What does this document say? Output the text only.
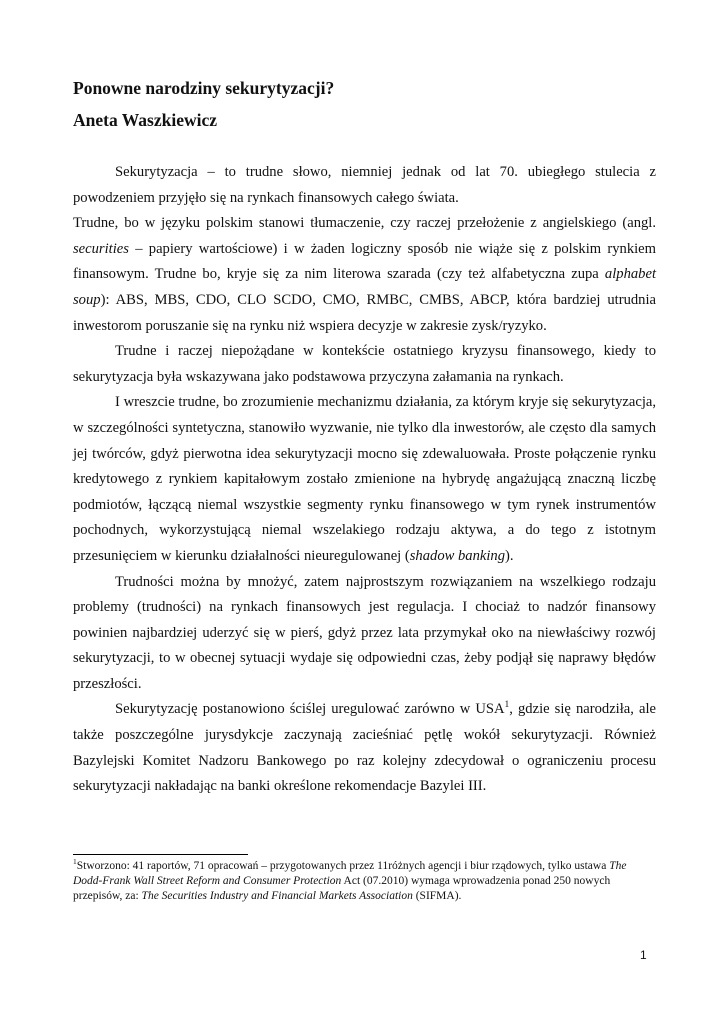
Ponowne narodziny sekurytyzacji?
Aneta Waszkiewicz

Sekurytyzacja – to trudne słowo, niemniej jednak od lat 70. ubiegłego stulecia z powodzeniem przyjęło się na rynkach finansowych całego świata.

Trudne, bo w języku polskim stanowi tłumaczenie, czy raczej przełożenie z angielskiego (angl. securities – papiery wartościowe) i w żaden logiczny sposób nie wiąże się z polskim rynkiem finansowym. Trudne bo, kryje się za nim literowa szarada (czy też alfabetyczna zupa alphabet soup): ABS, MBS, CDO, CLO SCDO, CMO, RMBC, CMBS, ABCP, która bardziej utrudnia inwestorom poruszanie się na rynku niż wspiera decyzje w zakresie zysk/ryzyko.

Trudne i raczej niepożądane w kontekście ostatniego kryzysu finansowego, kiedy to sekurytyzacja była wskazywana jako podstawowa przyczyna załamania na rynkach.

I wreszcie trudne, bo zrozumienie mechanizmu działania, za którym kryje się sekurytyzacja, w szczególności syntetyczna, stanowiło wyzwanie, nie tylko dla inwestorów, ale często dla samych jej twórców, gdyż pierwotna idea sekurytyzacji mocno się zdewaluowała. Proste połączenie rynku kredytowego z rynkiem kapitałowym zostało zmienione na hybrydę angażującą znaczną liczbę podmiotów, łączącą niemal wszystkie segmenty rynku finansowego w tym rynek instrumentów pochodnych, wykorzystującą niemal wszelakiego rodzaju aktywa, a do tego z istotnym przesunięciem w kierunku działalności nieuregulowanej (shadow banking).

Trudności można by mnożyć, zatem najprostszym rozwiązaniem na wszelkiego rodzaju problemy (trudności) na rynkach finansowych jest regulacja. I chociaż to nadzór finansowy powinien najbardziej uderzyć się w pierś, gdyż przez lata przymykał oko na niewłaściwy rozwój sekurytyzacji, to w obecnej sytuacji wydaje się odpowiedni czas, żeby podjął się naprawy błędów przeszłości.

Sekurytyzację postanowiono ściślej uregulować zarówno w USA$^1$, gdzie się narodziła, ale także poszczególne jurysdykcje zaczynają zacieśniać pętlę wokół sekurytyzacji. Również Bazylejski Komitet Nadzoru Bankowego po raz kolejny zdecydował o ograniczeniu procesu sekurytyzacji nakładając na banki określone rekomendacje Bazylei III.

$^1$Stworzono: 41 raportów, 71 opracowań – przygotowanych przez 11różnych agencji i biur rządowych, tylko ustawa The Dodd-Frank Wall Street Reform and Consumer Protection Act (07.2010) wymaga wprowadzenia ponad 250 nowych przepisów, za: The Securities Industry and Financial Markets Association (SIFMA).
1
